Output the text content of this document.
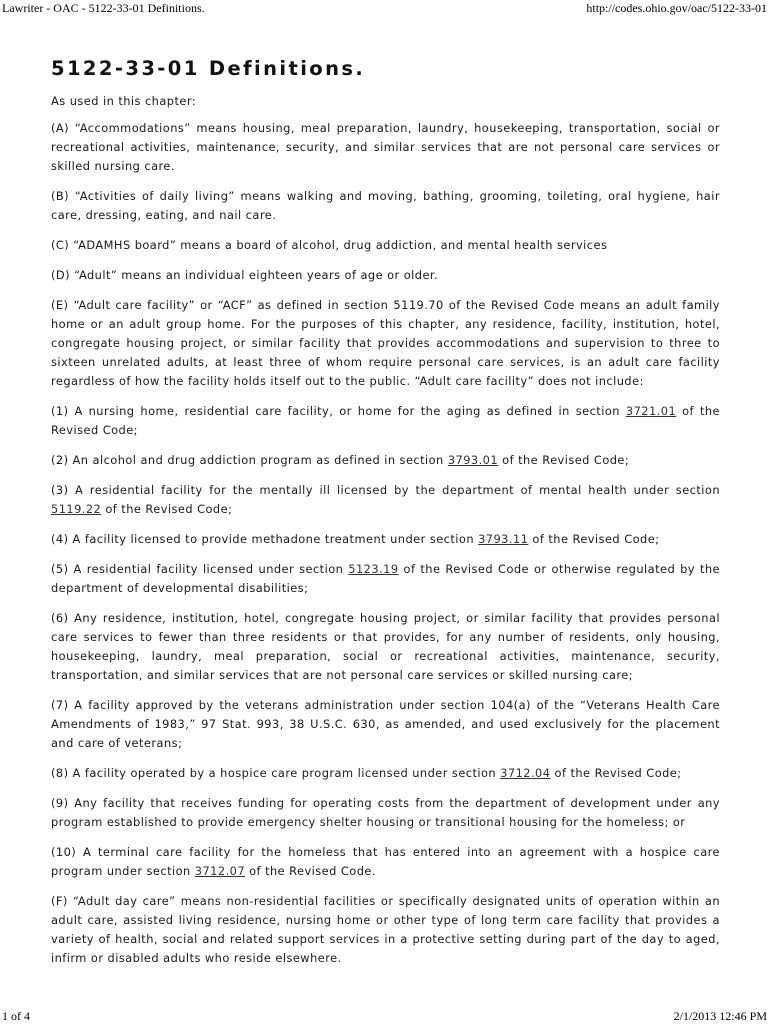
Lawriter - OAC - 5122-33-01 Definitions.	http://codes.ohio.gov/oac/5122-33-01
5122-33-01 Definitions.

As used in this chapter:

(A) “Accommodations” means housing, meal preparation, laundry, housekeeping, transportation, social or recreational activities, maintenance, security, and similar services that are not personal care services or skilled nursing care.

(B) “Activities of daily living” means walking and moving, bathing, grooming, toileting, oral hygiene, hair care, dressing, eating, and nail care.

(C) “ADAMHS board” means a board of alcohol, drug addiction, and mental health services

(D) “Adult” means an individual eighteen years of age or older.

(E) “Adult care facility” or “ACF” as defined in section 5119.70 of the Revised Code means an adult family home or an adult group home. For the purposes of this chapter, any residence, facility, institution, hotel, congregate housing project, or similar facility that provides accommodations and supervision to three to sixteen unrelated adults, at least three of whom require personal care services, is an adult care facility regardless of how the facility holds itself out to the public. “Adult care facility” does not include:

(1) A nursing home, residential care facility, or home for the aging as defined in section 3721.01 of the Revised Code;

(2) An alcohol and drug addiction program as defined in section 3793.01 of the Revised Code;

(3) A residential facility for the mentally ill licensed by the department of mental health under section 5119.22 of the Revised Code;

(4) A facility licensed to provide methadone treatment under section 3793.11 of the Revised Code;

(5) A residential facility licensed under section 5123.19 of the Revised Code or otherwise regulated by the department of developmental disabilities;

(6) Any residence, institution, hotel, congregate housing project, or similar facility that provides personal care services to fewer than three residents or that provides, for any number of residents, only housing, housekeeping, laundry, meal preparation, social or recreational activities, maintenance, security, transportation, and similar services that are not personal care services or skilled nursing care;

(7) A facility approved by the veterans administration under section 104(a) of the “Veterans Health Care Amendments of 1983,” 97 Stat. 993, 38 U.S.C. 630, as amended, and used exclusively for the placement and care of veterans;

(8) A facility operated by a hospice care program licensed under section 3712.04 of the Revised Code;

(9) Any facility that receives funding for operating costs from the department of development under any program established to provide emergency shelter housing or transitional housing for the homeless; or

(10) A terminal care facility for the homeless that has entered into an agreement with a hospice care program under section 3712.07 of the Revised Code.

(F) “Adult day care” means non-residential facilities or specifically designated units of operation within an adult care, assisted living residence, nursing home or other type of long term care facility that provides a variety of health, social and related support services in a protective setting during part of the day to aged, infirm or disabled adults who reside elsewhere.

1 of 4	2/1/2013 12:46 PM
